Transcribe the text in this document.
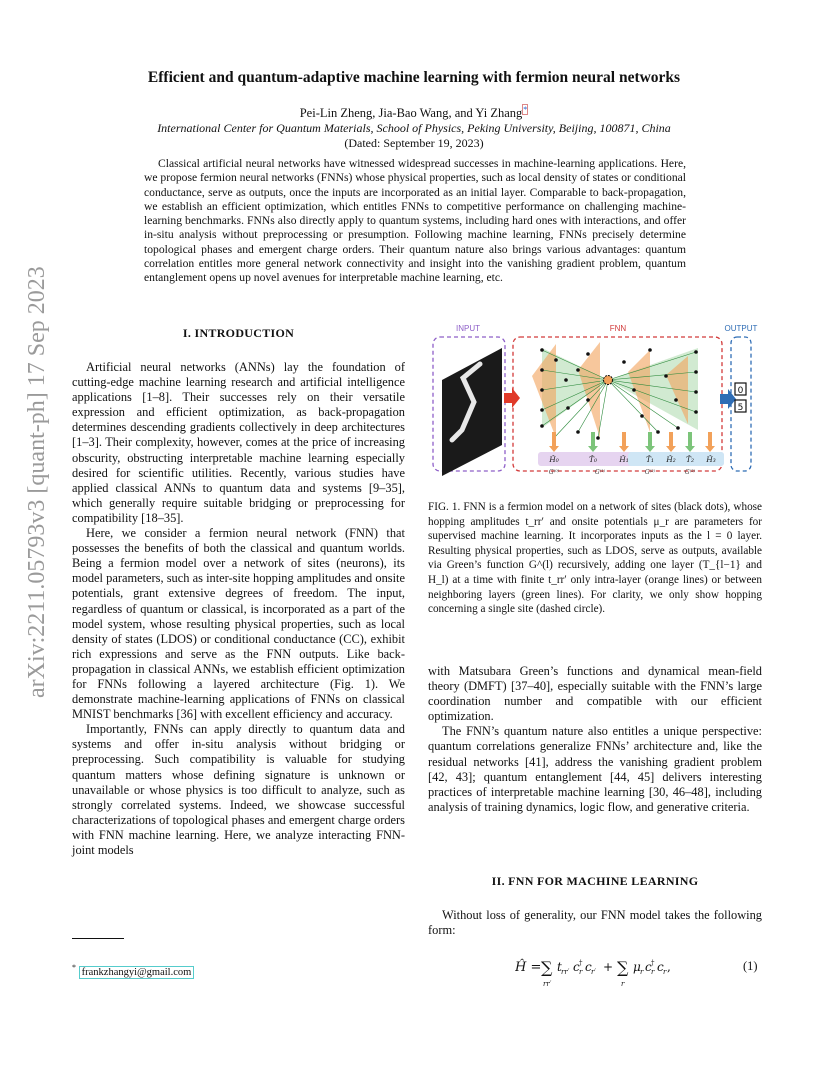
arXiv:2211.05793v3 [quant-ph] 17 Sep 2023
Efficient and quantum-adaptive machine learning with fermion neural networks
Pei-Lin Zheng, Jia-Bao Wang, and Yi Zhang*
International Center for Quantum Materials, School of Physics, Peking University, Beijing, 100871, China
(Dated: September 19, 2023)
Classical artificial neural networks have witnessed widespread successes in machine-learning applications. Here, we propose fermion neural networks (FNNs) whose physical properties, such as local density of states or conditional conductance, serve as outputs, once the inputs are incorporated as an initial layer. Comparable to back-propagation, we establish an efficient optimization, which entitles FNNs to competitive performance on challenging machine-learning benchmarks. FNNs also directly apply to quantum systems, including hard ones with interactions, and offer in-situ analysis without preprocessing or presumption. Following machine learning, FNNs precisely determine topological phases and emergent charge orders. Their quantum nature also brings various advantages: quantum correlation entitles more general network connectivity and insight into the vanishing gradient problem, quantum entanglement opens up novel avenues for interpretable machine learning, etc.
I. INTRODUCTION

Artificial neural networks (ANNs) lay the foundation of cutting-edge machine learning research and artificial intelligence applications [1–8]. Their successes rely on their versatile expression and efficient optimization, as back-propagation determines descending gradients collectively in deep architectures [1–3]. Their complexity, however, comes at the price of increasing obscurity, obstructing interpretable machine learning especially desired for scientific utilities. Recently, various studies have applied classical ANNs to quantum data and systems [9–35], which generally require suitable bridging or preprocessing for compatibility [18–35].

Here, we consider a fermion neural network (FNN) that possesses the benefits of both the classical and quantum worlds. Being a fermion model over a network of sites (neurons), its model parameters, such as inter-site hopping amplitudes and onsite potentials, grant extensive degrees of freedom. The input, regardless of quantum or classical, is incorporated as a part of the model system, whose resulting physical properties, such as local density of states (LDOS) or conditional conductance (CC), exhibit rich expressions and serve as the FNN outputs. Like back-propagation in classical ANNs, we establish efficient optimization for FNNs following a layered architecture (Fig. 1). We demonstrate machine-learning applications of FNNs on classical MNIST benchmarks [36] with excellent efficiency and accuracy.

Importantly, FNNs can apply directly to quantum data and systems and offer in-situ analysis without bridging or preprocessing. Such compatibility is valuable for studying quantum matters whose defining signature is unknown or unavailable or whose physics is too difficult to analyze, such as strongly correlated systems. Indeed, we showcase successful characterizations of topological phases and emergent charge orders with FNN machine learning. Here, we analyze interacting FNN-joint models

* frankzhangyi@gmail.com
INPUT	FNN	OUTPUT
0
5
Ĥ₀	T̂₀	Ĥ₁ T̂₁ Ĥ₂ T̂₂ Ĥ₃
G⁽⁰⁾	G⁽¹⁾	G⁽²⁾	G⁽³⁾
FIG. 1. FNN is a fermion model on a network of sites (black dots), whose hopping amplitudes t_rr′ and onsite potentials μ_r are parameters for supervised machine learning. It incorporates inputs as the l = 0 layer. Resulting physical properties, such as LDOS, serve as outputs, available via Green’s function G^(l) recursively, adding one layer (T_{l−1} and H_l) at a time with finite t_rr′ only intra-layer (orange lines) or between neighboring layers (green lines). For clarity, we only show hopping concerning a single site (dashed circle).

with Matsubara Green’s functions and dynamical mean-field theory (DMFT) [37–40], especially suitable with the FNN’s large coordination number and compatible with our efficient optimization.

The FNN’s quantum nature also entitles a unique perspective: quantum correlations generalize FNNs’ architecture and, like the residual networks [41], address the vanishing gradient problem [42, 43]; quantum entanglement [44, 45] delivers interesting practices of interpretable machine learning [30, 46–48], including analysis of training dynamics, logic flow, and generative criteria.

II. FNN FOR MACHINE LEARNING

Without loss of generality, our FNN model takes the following form:

Ĥ = ∑
rr′
t rr′ c †
r c r′ + ∑
r
μ r c †
r c r ,	(1)
